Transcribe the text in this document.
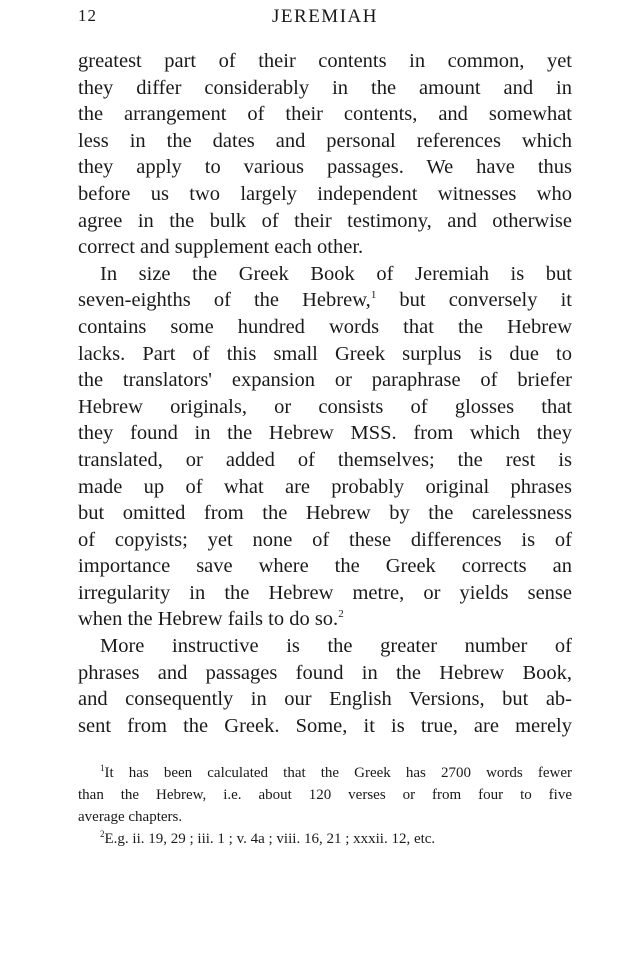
12	JEREMIAH
greatest part of their contents in common, yet
they differ considerably in the amount and in
the arrangement of their contents, and somewhat
less in the dates and personal references which
they apply to various passages. We have thus
before us two largely independent witnesses who
agree in the bulk of their testimony, and otherwise
correct and supplement each other.
In size the Greek Book of Jeremiah is but
seven-eighths of the Hebrew,$^1$ but conversely it
contains some hundred words that the Hebrew
lacks. Part of this small Greek surplus is due to
the translators' expansion or paraphrase of briefer
Hebrew originals, or consists of glosses that
they found in the Hebrew MSS. from which they
translated, or added of themselves; the rest is
made up of what are probably original phrases
but omitted from the Hebrew by the carelessness
of copyists; yet none of these differences is of
importance save where the Greek corrects an
irregularity in the Hebrew metre, or yields sense
when the Hebrew fails to do so.$^2$
More instructive is the greater number of
phrases and passages found in the Hebrew Book,
and consequently in our English Versions, but ab-
sent from the Greek. Some, it is true, are merely
$^1$It has been calculated that the Greek has 2700 words fewer
than the Hebrew, i.e. about 120 verses or from four to five
average chapters.
$^2$E.g. ii. 19, 29 ; iii. 1 ; v. 4a ; viii. 16, 21 ; xxxii. 12, etc.
